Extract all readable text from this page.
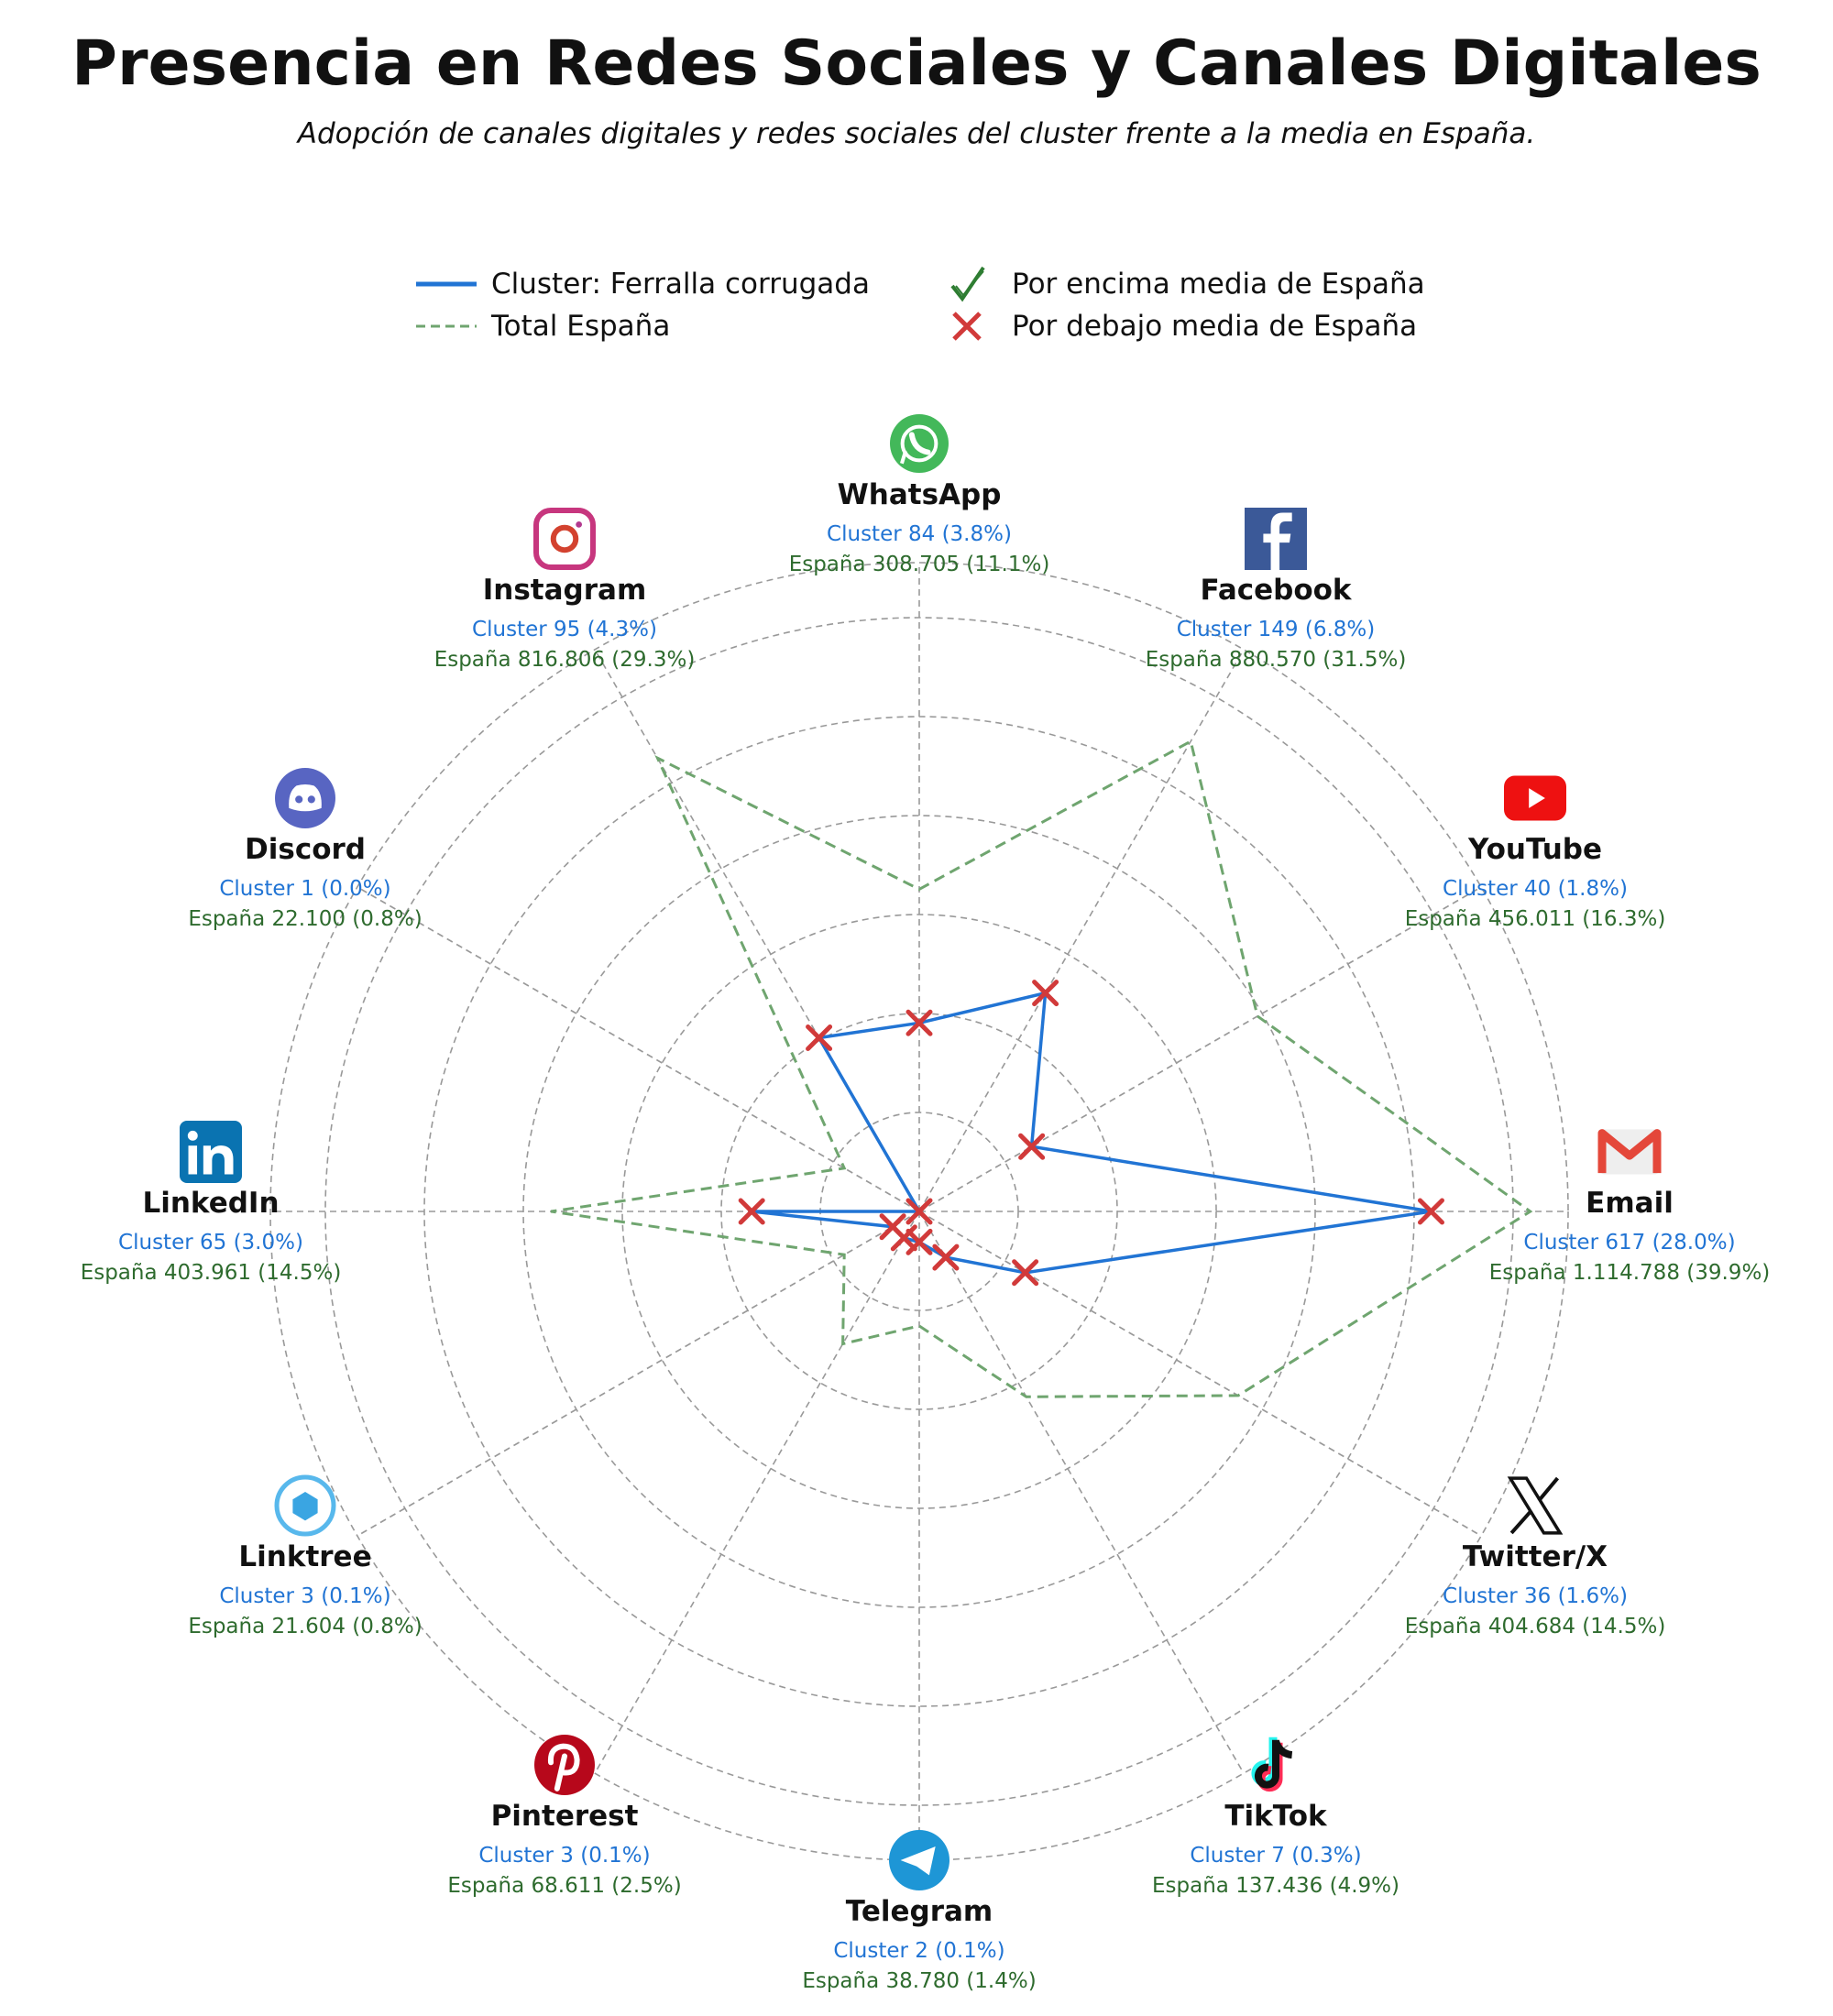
Presencia en Redes Sociales y Canales Digitales
Adopción de canales digitales y redes sociales del cluster frente a la media en España.
Cluster: Ferralla corrugada
Total España
Por encima media de España
Por debajo media de España
WhatsApp
Cluster 84 (3.8%)
España 308.705 (11.1%)
Facebook
Cluster 149 (6.8%)
España 880.570 (31.5%)
YouTube
Cluster 40 (1.8%)
España 456.011 (16.3%)
Email
Cluster 617 (28.0%)
España 1.114.788 (39.9%)
Twitter/X
Cluster 36 (1.6%)
España 404.684 (14.5%)
TikTok
Cluster 7 (0.3%)
España 137.436 (4.9%)
Telegram
Cluster 2 (0.1%)
España 38.780 (1.4%)
Pinterest
Cluster 3 (0.1%)
España 68.611 (2.5%)
Linktree
Cluster 3 (0.1%)
España 21.604 (0.8%)
LinkedIn
Cluster 65 (3.0%)
España 403.961 (14.5%)
Discord
Cluster 1 (0.0%)
España 22.100 (0.8%)
Instagram
Cluster 95 (4.3%)
España 816.806 (29.3%)
